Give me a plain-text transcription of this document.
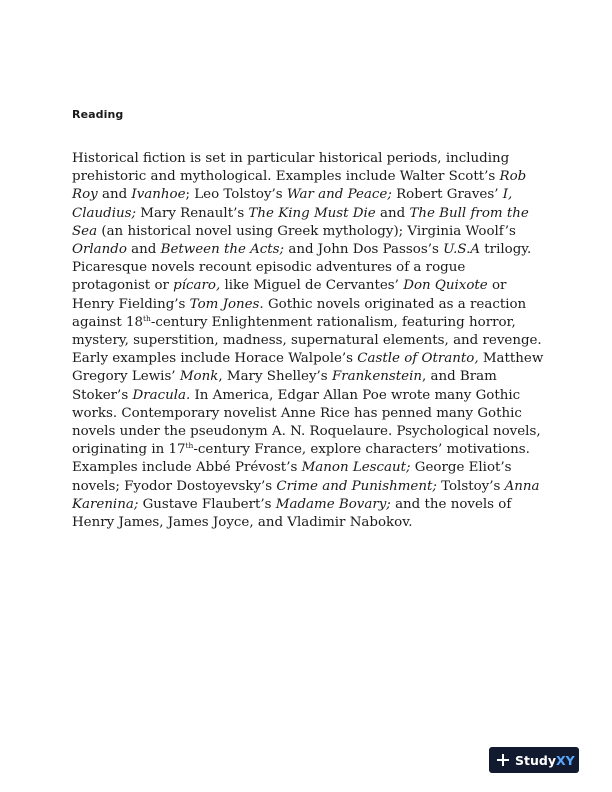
Reading
Historical fiction is set in particular historical periods, including prehistoric and mythological. Examples include Walter Scott’s Rob Roy and Ivanhoe; Leo Tolstoy’s War and Peace; Robert Graves’ I, Claudius; Mary Renault’s The King Must Die and The Bull from the Sea (an historical novel using Greek mythology); Virginia Woolf’s Orlando and Between the Acts; and John Dos Passos’s U.S.A trilogy. Picaresque novels recount episodic adventures of a rogue protagonist or pícaro, like Miguel de Cervantes’ Don Quixote or Henry Fielding’s Tom Jones. Gothic novels originated as a reaction against 18th-century Enlightenment rationalism, featuring horror, mystery, superstition, madness, supernatural elements, and revenge. Early examples include Horace Walpole’s Castle of Otranto, Matthew Gregory Lewis’ Monk, Mary Shelley’s Frankenstein, and Bram Stoker’s Dracula. In America, Edgar Allan Poe wrote many Gothic works. Contemporary novelist Anne Rice has penned many Gothic novels under the pseudonym A. N. Roquelaure. Psychological novels, originating in 17th-century France, explore characters’ motivations. Examples include Abbé Prévost’s Manon Lescaut; George Eliot’s novels; Fyodor Dostoyevsky’s Crime and Punishment; Tolstoy’s Anna Karenina; Gustave Flaubert’s Madame Bovary; and the novels of Henry James, James Joyce, and Vladimir Nabokov.
StudyXY
